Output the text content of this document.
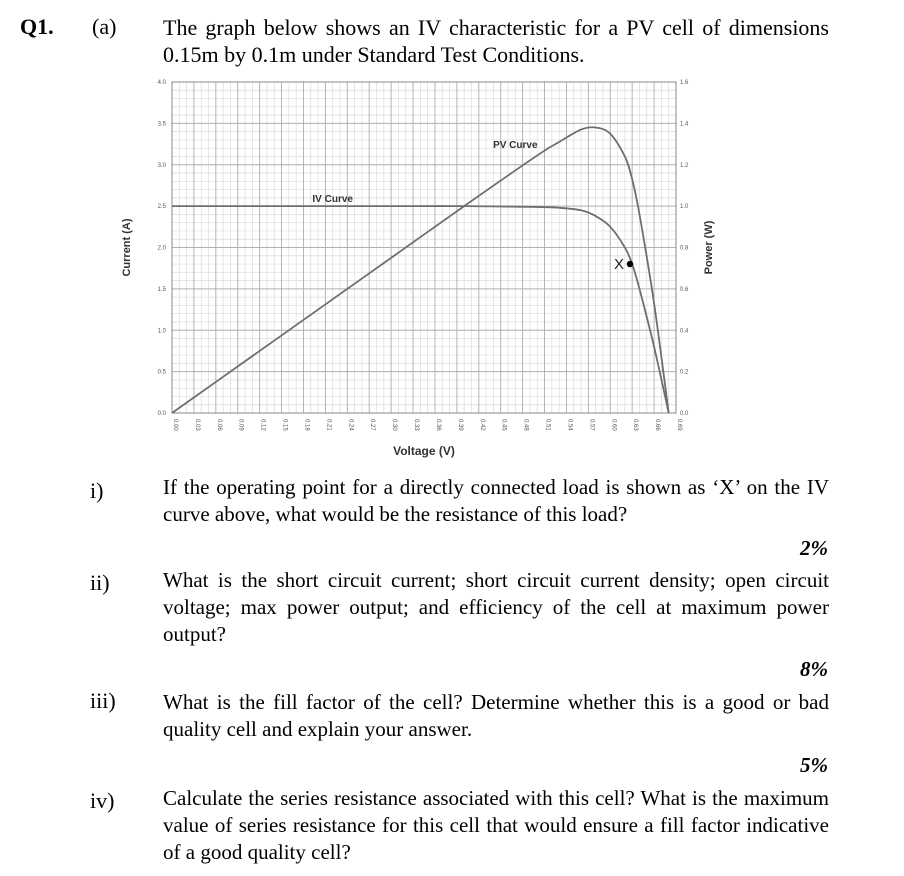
Q1. (a) The graph below shows an IV characteristic for a PV cell of dimensions 0.15m by 0.1m under Standard Test Conditions.
0.0
0.5
1.0
1.5
2.0
2.5
3.0
3.5
4.0
0.0
0.2
0.4
0.6
0.8
1.0
1.2
1.4
1.6
0.00	0.03	0.06	0.09	0.12	0.15	0.18	0.21	0.24	0.27	0.30	0.33	0.36	0.39	0.42	0.45	0.48	0.51	0.54	0.57	0.60	0.63	0.66	0.69
Voltage (V)
Current (A)	Power (W)
IV Curve
PV Curve
X
i)	If the operating point for a directly connected load is shown as ‘X’ on the IV curve above, what would be the resistance of this load?
2%
ii)	What is the short circuit current; short circuit current density; open circuit voltage; max power output; and efficiency of the cell at maximum power output?
8%
iii) What is the fill factor of the cell? Determine whether this is a good or bad quality cell and explain your answer.
5%
iv) Calculate the series resistance associated with this cell? What is the maximum value of series resistance for this cell that would ensure a fill factor indicative of a good quality cell?
